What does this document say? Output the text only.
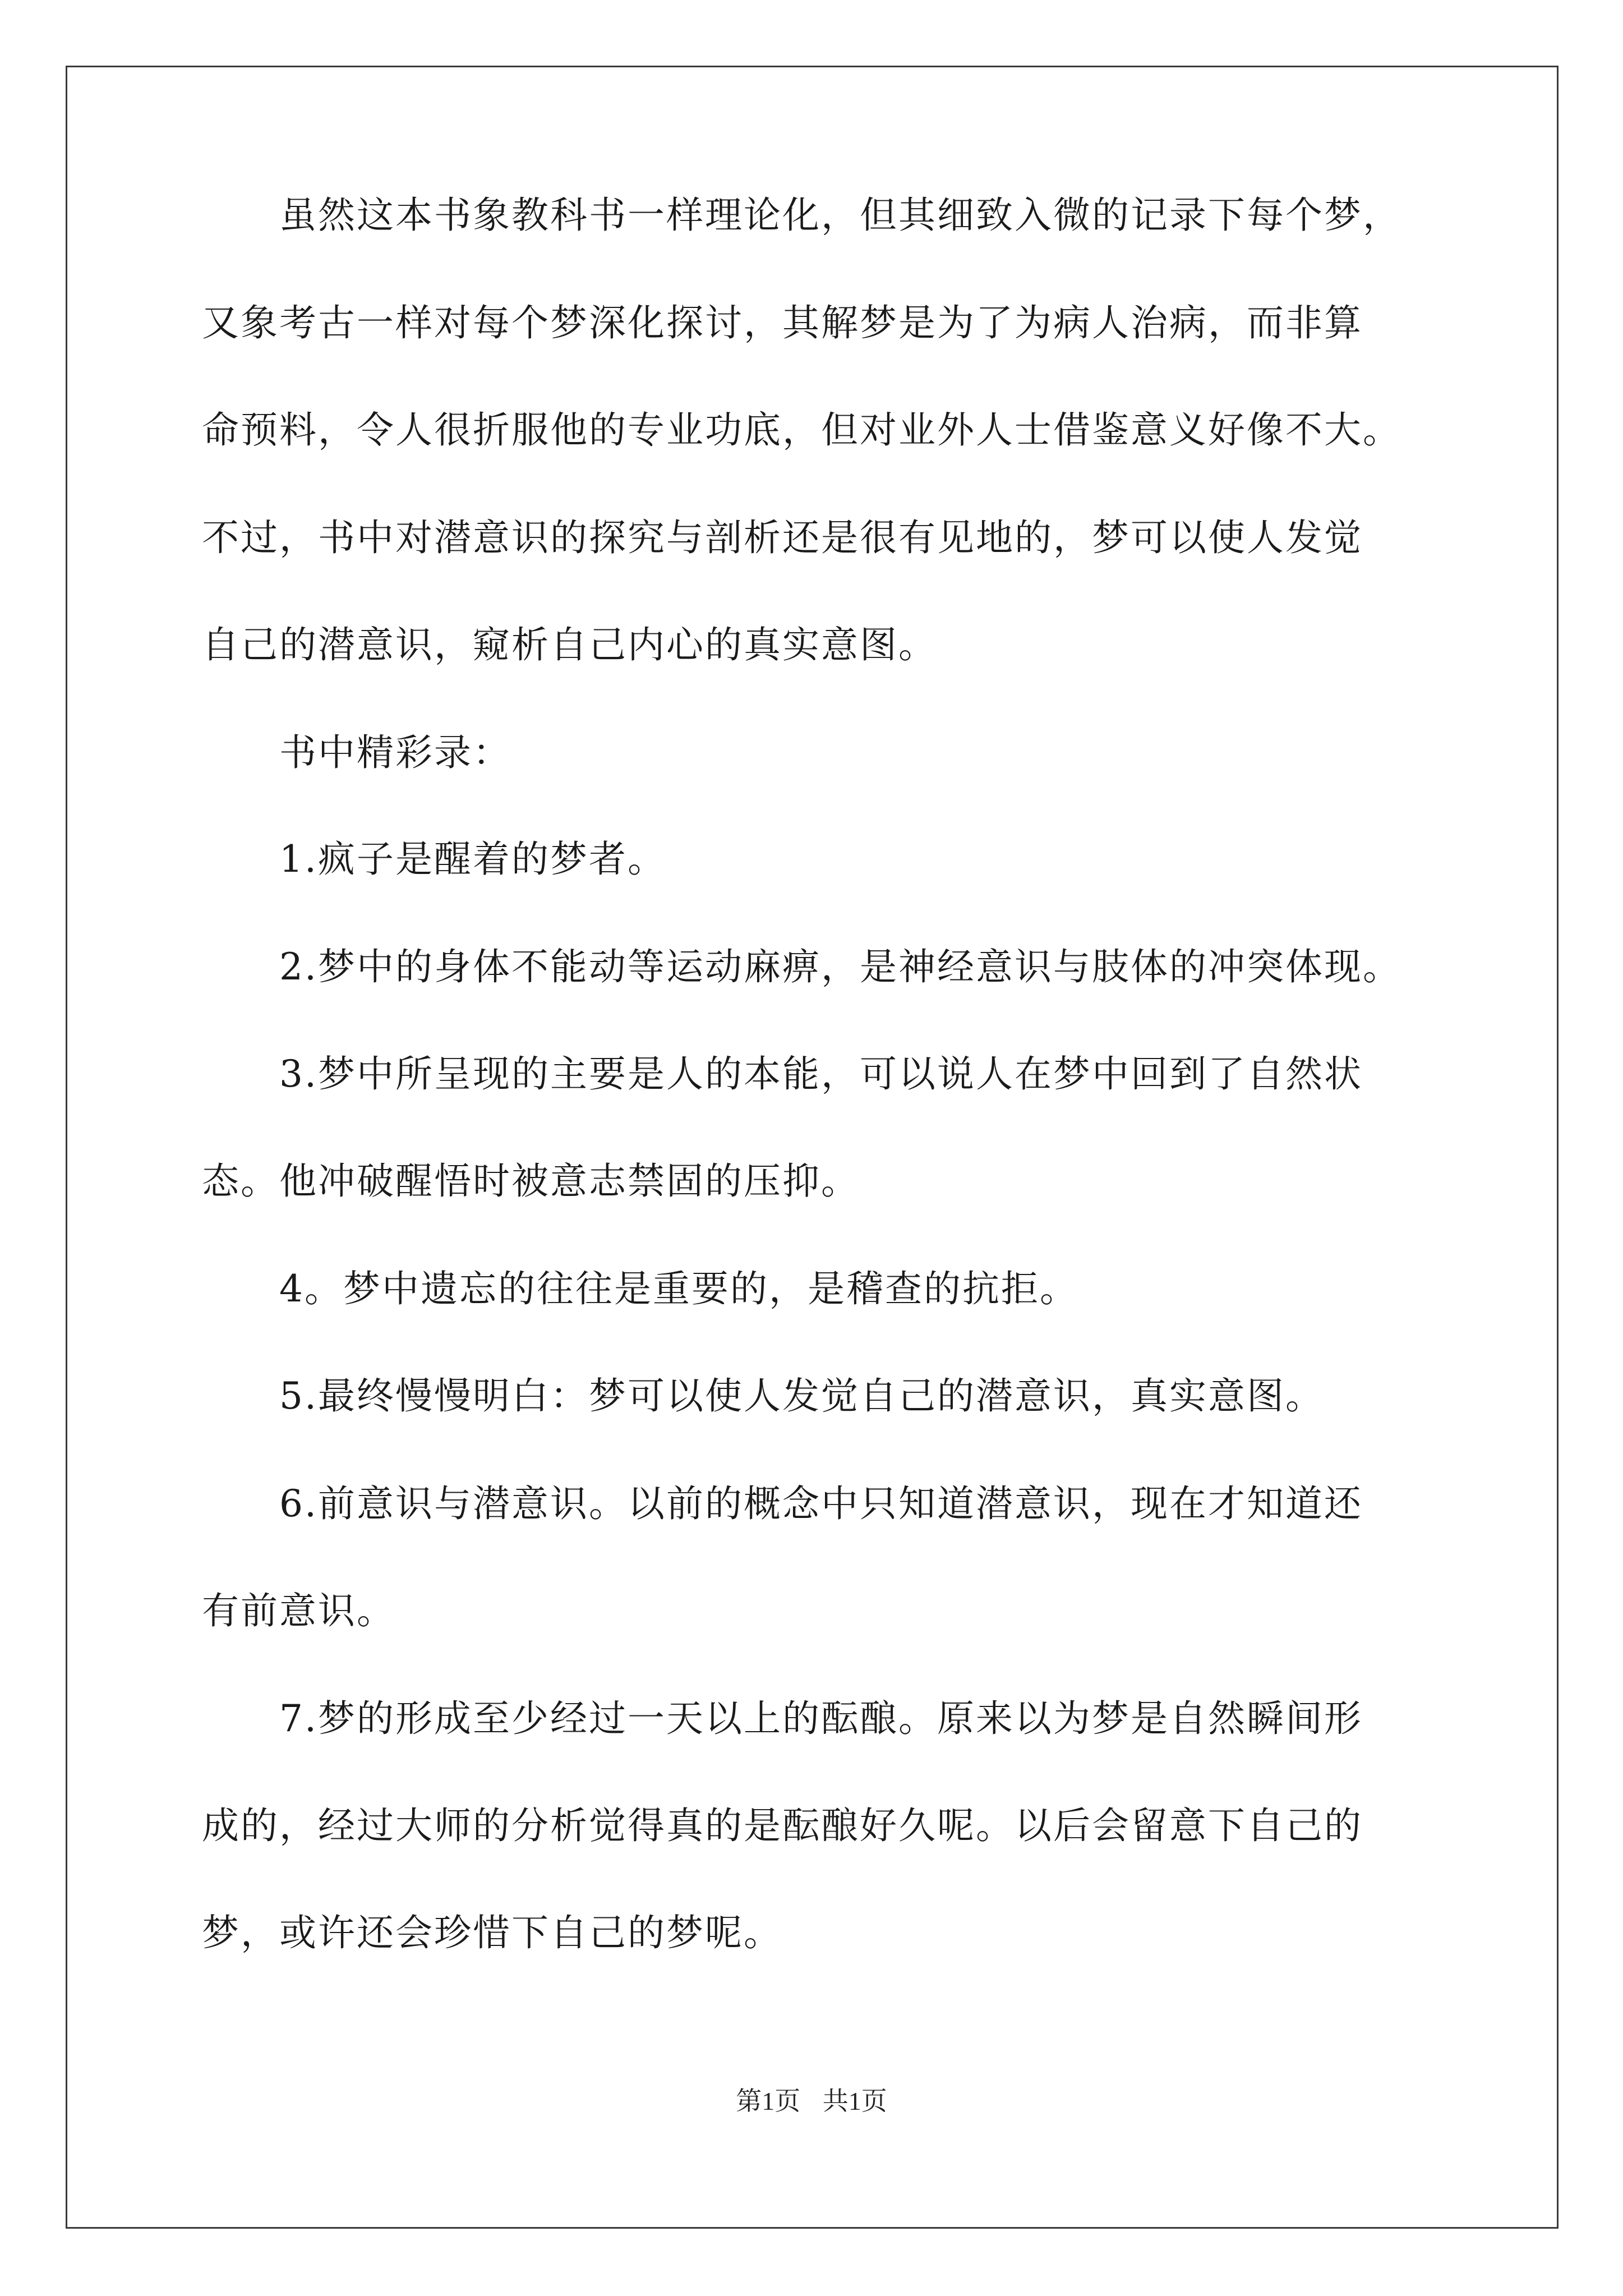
　　虽然这本书象教科书一样理论化，但其细致入微的记录下每个梦，
又象考古一样对每个梦深化探讨，其解梦是为了为病人治病，而非算
命预料，令人很折服他的专业功底，但对业外人士借鉴意义好像不大。
不过，书中对潜意识的探究与剖析还是很有见地的，梦可以使人发觉
自己的潜意识，窥析自己内心的真实意图。
　　书中精彩录：
　　1.疯子是醒着的梦者。
　　2.梦中的身体不能动等运动麻痹，是神经意识与肢体的冲突体现。
　　3.梦中所呈现的主要是人的本能，可以说人在梦中回到了自然状
态。他冲破醒悟时被意志禁固的压抑。
　　4。梦中遗忘的往往是重要的，是稽查的抗拒。
　　5.最终慢慢明白：梦可以使人发觉自己的潜意识，真实意图。
　　6.前意识与潜意识。以前的概念中只知道潜意识，现在才知道还
有前意识。
　　7.梦的形成至少经过一天以上的酝酿。原来以为梦是自然瞬间形
成的，经过大师的分析觉得真的是酝酿好久呢。以后会留意下自己的
梦，或许还会珍惜下自己的梦呢。
第1页 共1页
